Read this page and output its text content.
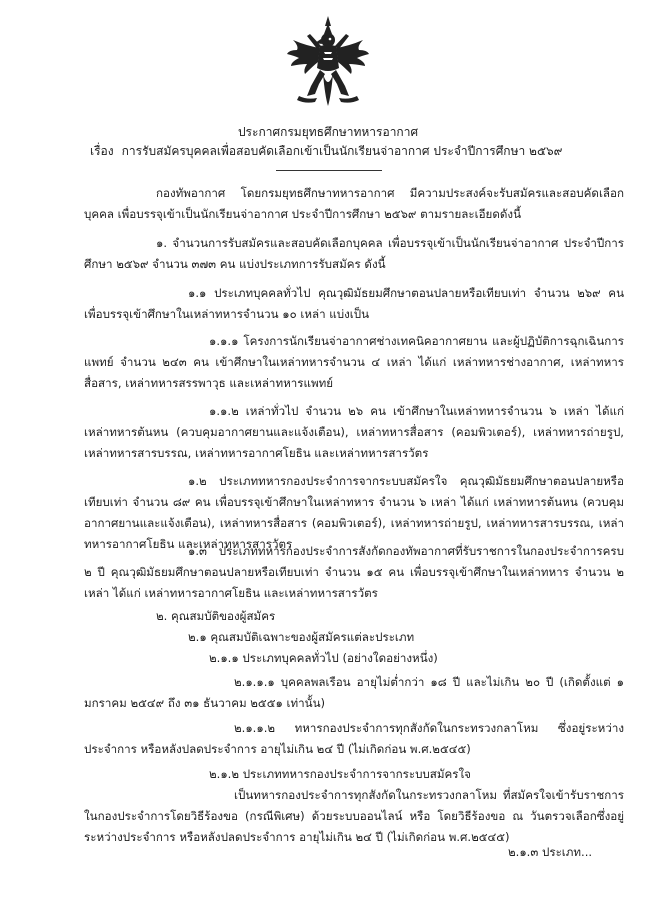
ประกาศกรมยุทธศึกษาทหารอากาศ
เรื่อง การรับสมัครบุคคลเพื่อสอบคัดเลือกเข้าเป็นนักเรียนจ่าอากาศ ประจำปีการศึกษา ๒๕๖๙
กองทัพอากาศ โดยกรมยุทธศึกษาทหารอากาศ มีความประสงค์จะรับสมัครและสอบคัดเลือกบุคคล เพื่อบรรจุเข้าเป็นนักเรียนจ่าอากาศ ประจำปีการศึกษา ๒๕๖๙ ตามรายละเอียดดังนี้
๑. จำนวนการรับสมัครและสอบคัดเลือกบุคคล เพื่อบรรจุเข้าเป็นนักเรียนจ่าอากาศ ประจำปีการศึกษา ๒๕๖๙ จำนวน ๓๗๓ คน แบ่งประเภทการรับสมัคร ดังนี้
๑.๑ ประเภทบุคคลทั่วไป คุณวุฒิมัธยมศึกษาตอนปลายหรือเทียบเท่า จำนวน ๒๖๙ คน เพื่อบรรจุเข้าศึกษาในเหล่าทหารจำนวน ๑๐ เหล่า แบ่งเป็น
๑.๑.๑ โครงการนักเรียนจ่าอากาศช่างเทคนิคอากาศยาน และผู้ปฏิบัติการฉุกเฉินการแพทย์ จำนวน ๒๔๓ คน เข้าศึกษาในเหล่าทหารจำนวน ๔ เหล่า ได้แก่ เหล่าทหารช่างอากาศ, เหล่าทหารสื่อสาร, เหล่าทหารสรรพาวุธ และเหล่าทหารแพทย์
๑.๑.๒ เหล่าทั่วไป จำนวน ๒๖ คน เข้าศึกษาในเหล่าทหารจำนวน ๖ เหล่า ได้แก่ เหล่าทหารต้นหน (ควบคุมอากาศยานและแจ้งเตือน), เหล่าทหารสื่อสาร (คอมพิวเตอร์), เหล่าทหารถ่ายรูป, เหล่าทหารสารบรรณ, เหล่าทหารอากาศโยธิน และเหล่าทหารสารวัตร
๑.๒ ประเภททหารกองประจำการจากระบบสมัครใจ คุณวุฒิมัธยมศึกษาตอนปลายหรือเทียบเท่า จำนวน ๘๙ คน เพื่อบรรจุเข้าศึกษาในเหล่าทหาร จำนวน ๖ เหล่า ได้แก่ เหล่าทหารต้นหน (ควบคุมอากาศยานและแจ้งเตือน), เหล่าทหารสื่อสาร (คอมพิวเตอร์), เหล่าทหารถ่ายรูป, เหล่าทหารสารบรรณ, เหล่าทหารอากาศโยธิน และเหล่าทหารสารวัตร
๑.๓ ประเภททหารกองประจำการสังกัดกองทัพอากาศที่รับราชการในกองประจำการครบ ๒ ปี คุณวุฒิมัธยมศึกษาตอนปลายหรือเทียบเท่า จำนวน ๑๕ คน เพื่อบรรจุเข้าศึกษาในเหล่าทหาร จำนวน ๒ เหล่า ได้แก่ เหล่าทหารอากาศโยธิน และเหล่าทหารสารวัตร
๒. คุณสมบัติของผู้สมัคร
๒.๑ คุณสมบัติเฉพาะของผู้สมัครแต่ละประเภท
๒.๑.๑ ประเภทบุคคลทั่วไป (อย่างใดอย่างหนึ่ง)
๒.๑.๑.๑ บุคคลพลเรือน อายุไม่ต่ำกว่า ๑๘ ปี และไม่เกิน ๒๐ ปี (เกิดตั้งแต่ ๑ มกราคม ๒๕๔๙ ถึง ๓๑ ธันวาคม ๒๕๕๑ เท่านั้น)
๒.๑.๑.๒ ทหารกองประจำการทุกสังกัดในกระทรวงกลาโหม ซึ่งอยู่ระหว่างประจำการ หรือหลังปลดประจำการ อายุไม่เกิน ๒๔ ปี (ไม่เกิดก่อน พ.ศ.๒๕๔๕)
๒.๑.๒ ประเภททหารกองประจำการจากระบบสมัครใจ
เป็นทหารกองประจำการทุกสังกัดในกระทรวงกลาโหม ที่สมัครใจเข้ารับราชการในกองประจำการโดยวิธีร้องขอ (กรณีพิเศษ) ด้วยระบบออนไลน์ หรือ โดยวิธีร้องขอ ณ วันตรวจเลือกซึ่งอยู่ระหว่างประจำการ หรือหลังปลดประจำการ อายุไม่เกิน ๒๔ ปี (ไม่เกิดก่อน พ.ศ.๒๕๔๕)
๒.๑.๓ ประเภท...
